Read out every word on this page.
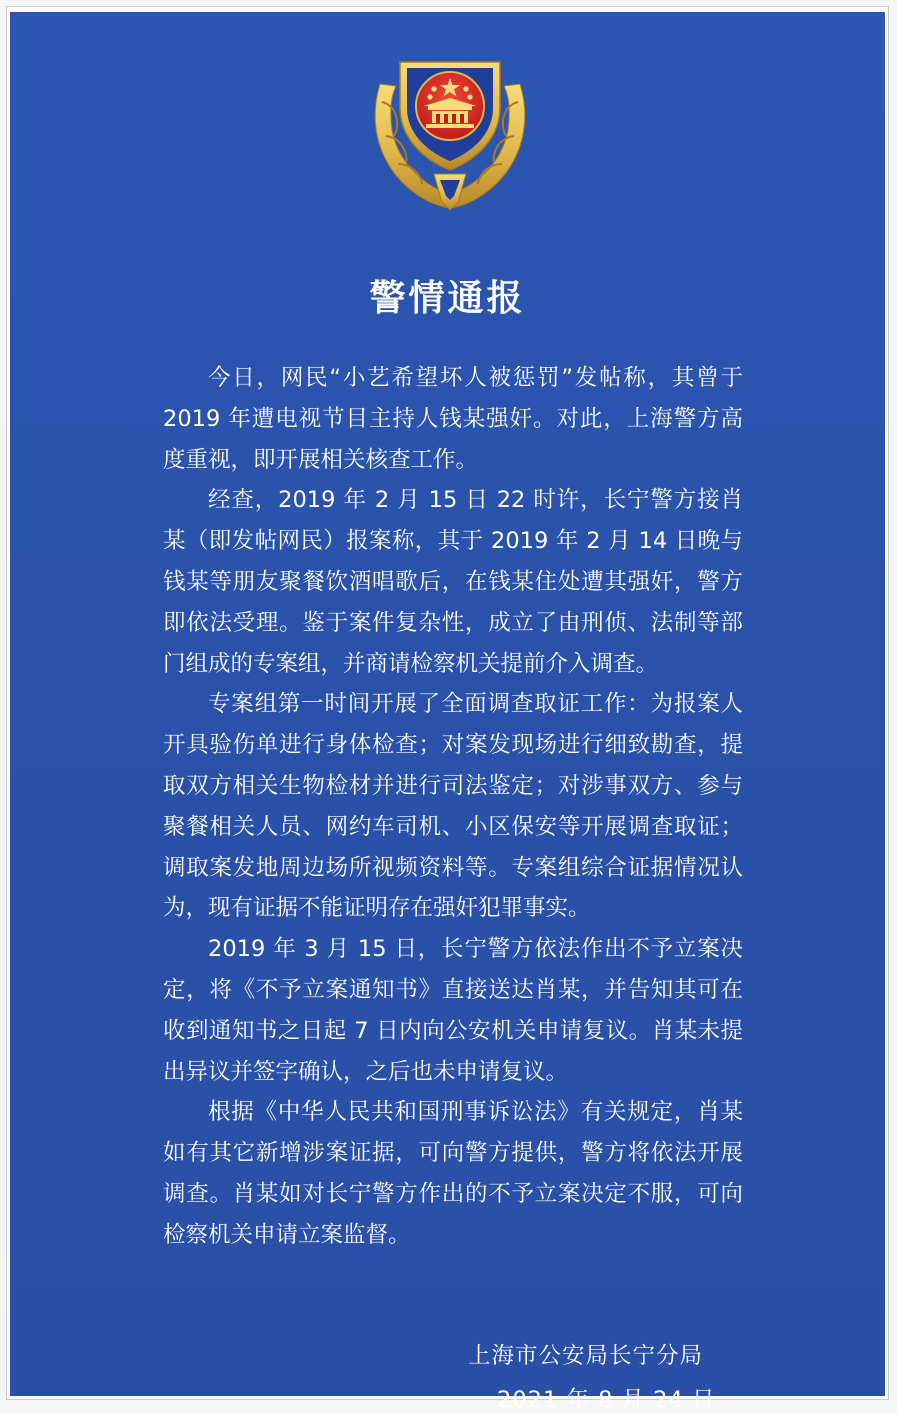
警情通报

今日，网民“小艺希望坏人被惩罚”发帖称，其曾于 2019 年遭电视节目主持人钱某强奸。对此，上海警方高度重视，即开展相关核查工作。

经查，2019 年 2 月 15 日 22 时许，长宁警方接肖某（即发帖网民）报案称，其于 2019 年 2 月 14 日晚与钱某等朋友聚餐饮酒唱歌后，在钱某住处遭其强奸，警方即依法受理。鉴于案件复杂性，成立了由刑侦、法制等部门组成的专案组，并商请检察机关提前介入调查。

专案组第一时间开展了全面调查取证工作：为报案人开具验伤单进行身体检查；对案发现场进行细致勘查，提取双方相关生物检材并进行司法鉴定；对涉事双方、参与聚餐相关人员、网约车司机、小区保安等开展调查取证；调取案发地周边场所视频资料等。专案组综合证据情况认为，现有证据不能证明存在强奸犯罪事实。

2019 年 3 月 15 日，长宁警方依法作出不予立案决定，将《不予立案通知书》直接送达肖某，并告知其可在收到通知书之日起 7 日内向公安机关申请复议。肖某未提出异议并签字确认，之后也未申请复议。

根据《中华人民共和国刑事诉讼法》有关规定，肖某如有其它新增涉案证据，可向警方提供，警方将依法开展调查。肖某如对长宁警方作出的不予立案决定不服，可向检察机关申请立案监督。

上海市公安局长宁分局
2021 年 8 月 24 日
